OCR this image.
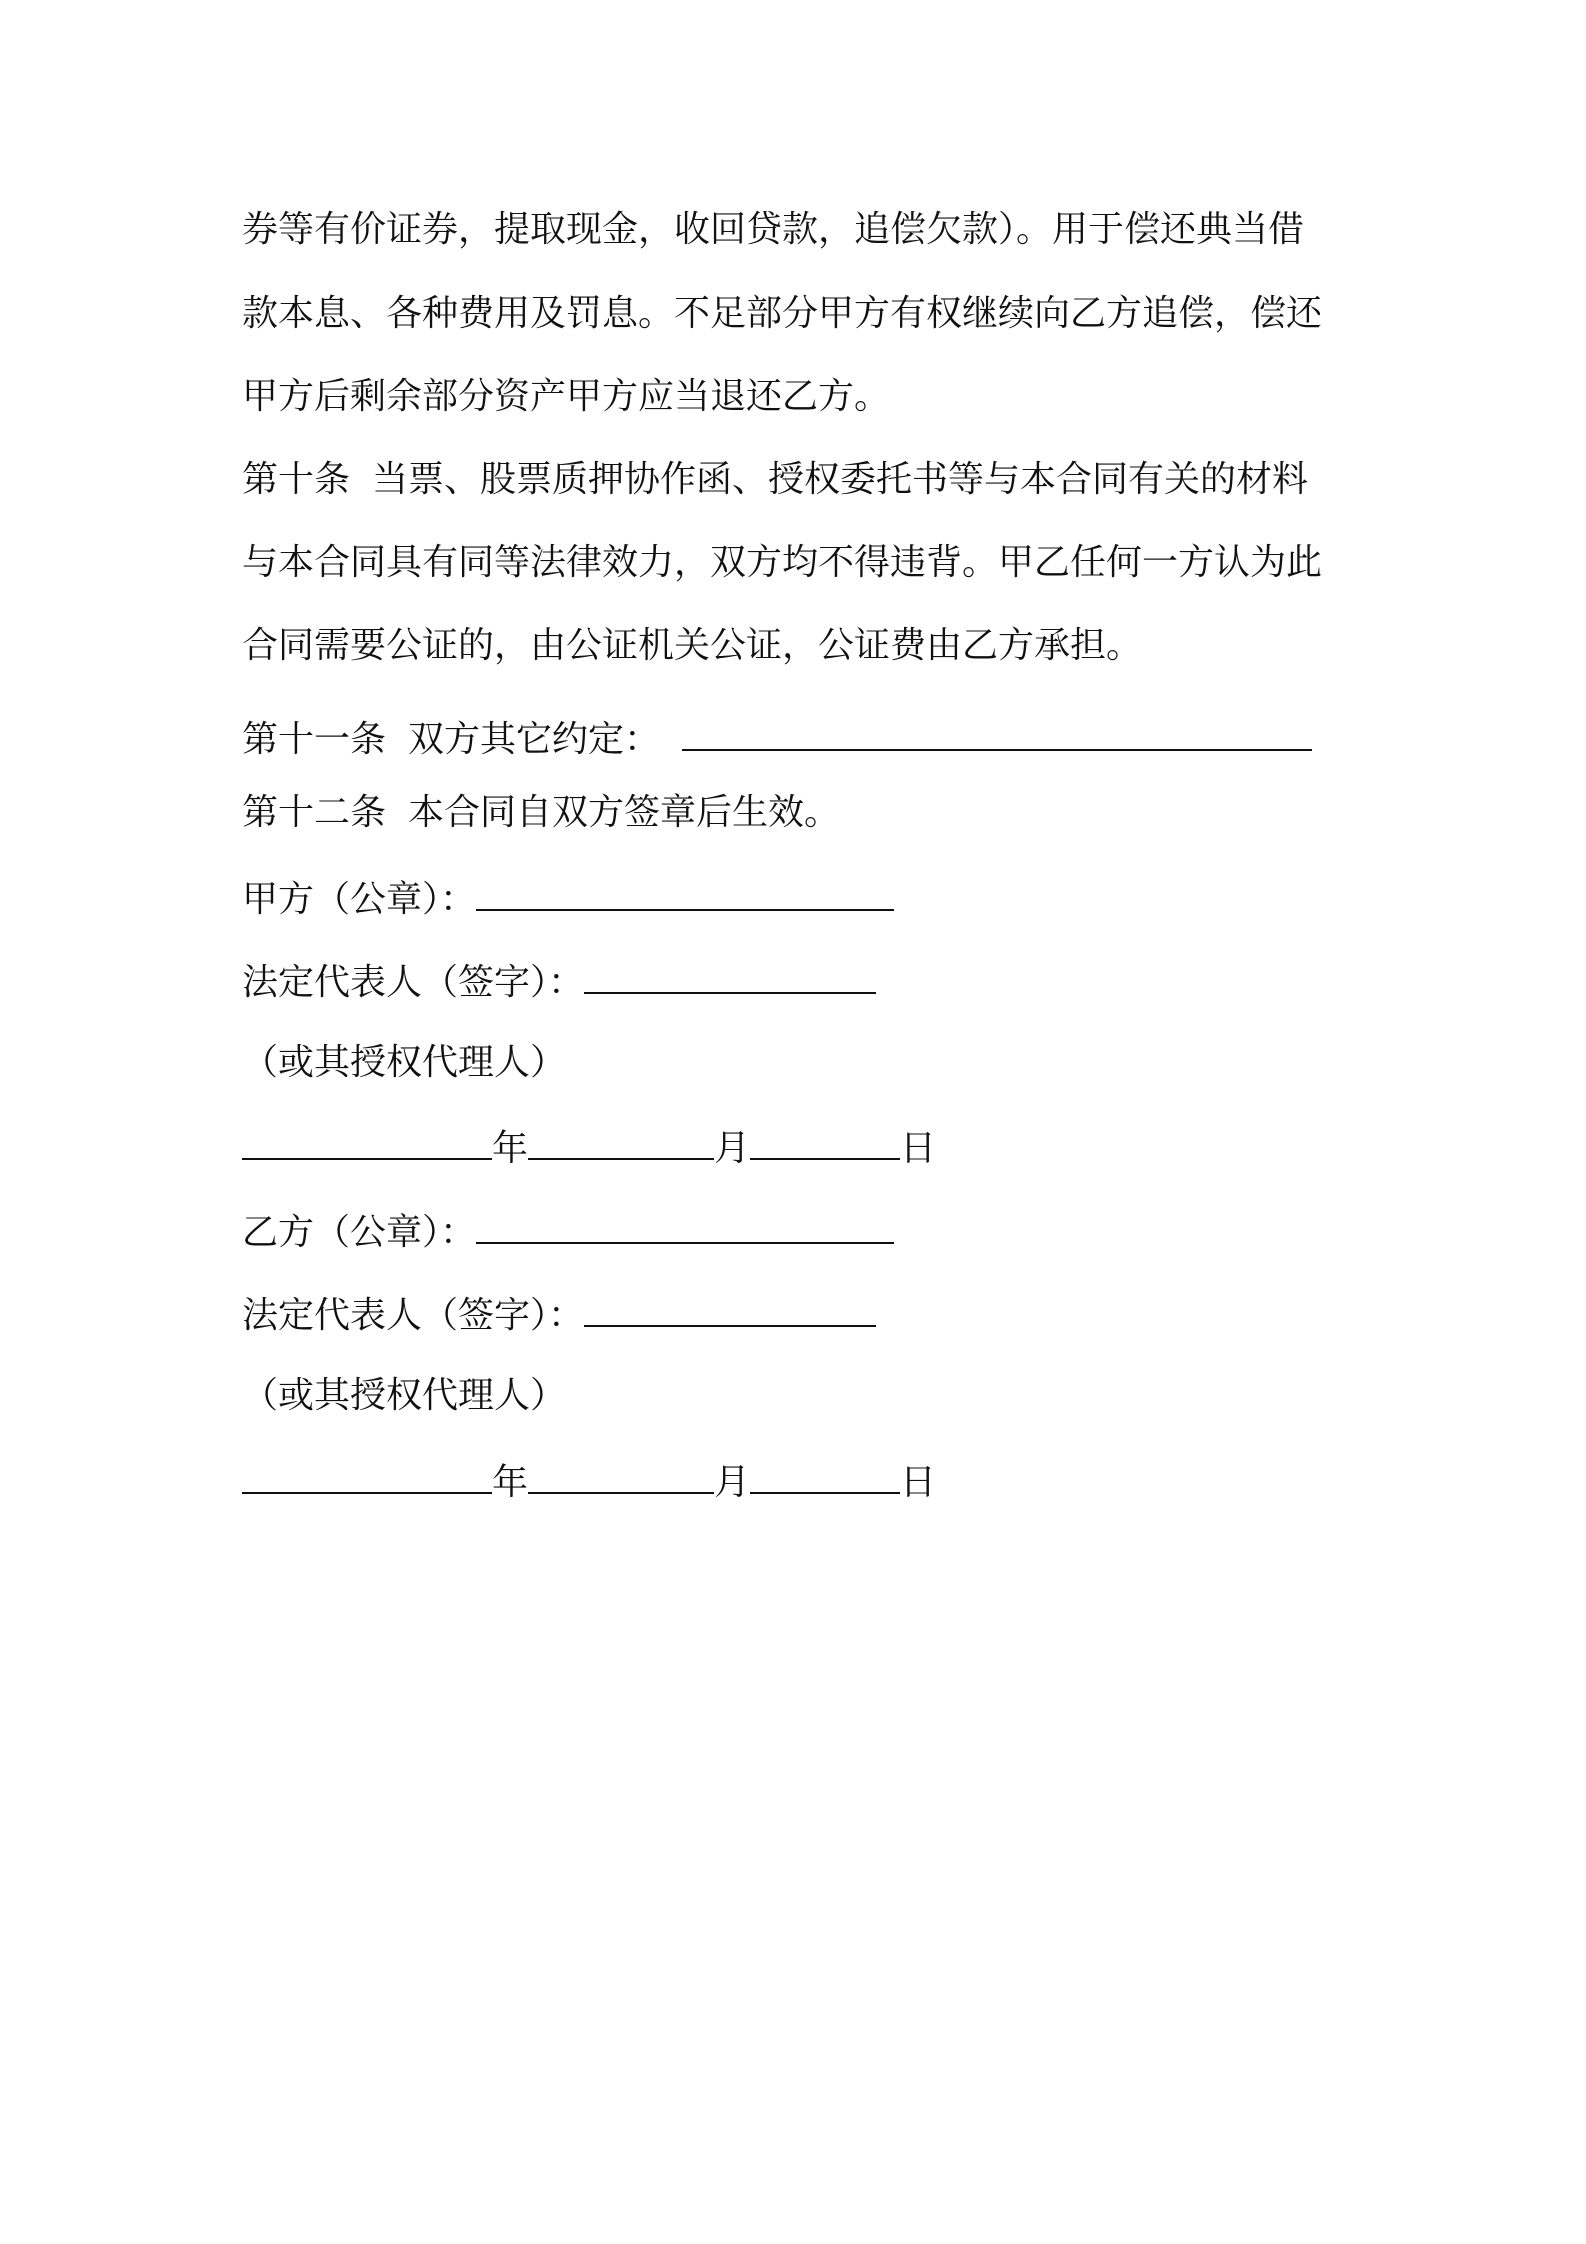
券等有价证券，提取现金，收回贷款，追偿欠款）。用于偿还典当借
款本息、各种费用及罚息。不足部分甲方有权继续向乙方追偿，偿还
甲方后剩余部分资产甲方应当退还乙方。
第十条 当票、股票质押协作函、授权委托书等与本合同有关的材料
与本合同具有同等法律效力，双方均不得违背。甲乙任何一方认为此
合同需要公证的，由公证机关公证，公证费由乙方承担。
第十一条 双方其它约定：
第十二条 本合同自双方签章后生效。
甲方（公章）：
法定代表人（签字）：
（或其授权代理人）
年	月	日
乙方（公章）：
法定代表人（签字）：
（或其授权代理人）
年	月	日
